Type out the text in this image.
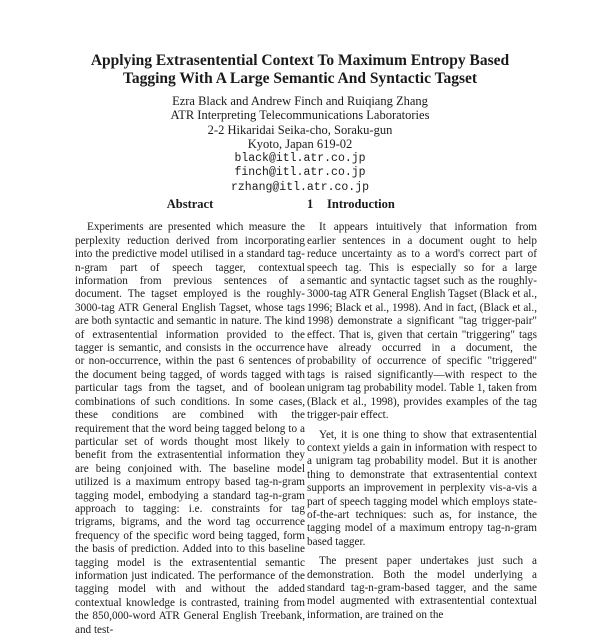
Applying Extrasentential Context To Maximum Entropy Based

Tagging With A Large Semantic And Syntactic Tagset

Ezra Black and Andrew Finch and Ruiqiang Zhang
ATR Interpreting Telecommunications Laboratories
2-2 Hikaridai Seika-cho, Soraku-gun
Kyoto, Japan 619-02
black@itl.atr.co.jp
finch@itl.atr.co.jp
rzhang@itl.atr.co.jp
Abstract

Experiments are presented which measure the perplexity reduction derived from incorporating into the predictive model utilised in a standard tag-n-gram part of speech tagger, contextual information from previous sentences of a document. The tagset employed is the roughly-3000-tag ATR General English Tagset, whose tags are both syntactic and semantic in nature. The kind of extrasentential information provided to the tagger is semantic, and consists in the occurrence or non-occurrence, within the past 6 sentences of the document being tagged, of words tagged with particular tags from the tagset, and of boolean combinations of such conditions. In some cases, these conditions are combined with the requirement that the word being tagged belong to a particular set of words thought most likely to benefit from the extrasentential information they are being conjoined with. The baseline model utilized is a maximum entropy based tag-n-gram tagging model, embodying a standard tag-n-gram approach to tagging: i.e. constraints for tag trigrams, bigrams, and the word tag occurrence frequency of the specific word being tagged, form the basis of prediction. Added into to this baseline tagging model is the extrasentential semantic information just indicated. The performance of the tagging model with and without the added contextual knowledge is contrasted, training from the 850,000-word ATR General English Treebank, and test-

1 Introduction

It appears intuitively that information from earlier sentences in a document ought to help reduce uncertainty as to a word's correct part of speech tag. This is especially so for a large semantic and syntactic tagset such as the roughly-3000-tag ATR General English Tagset (Black et al., 1996; Black et al., 1998). And in fact, (Black et al., 1998) demonstrate a significant "tag trigger-pair" effect. That is, given that certain "triggering" tags have already occurred in a document, the probability of occurrence of specific "triggered" tags is raised significantly—with respect to the unigram tag probability model. Table 1, taken from (Black et al., 1998), provides examples of the tag trigger-pair effect.

Yet, it is one thing to show that extrasentential context yields a gain in information with respect to a unigram tag probability model. But it is another thing to demonstrate that extrasentential context supports an improvement in perplexity vis-a-vis a part of speech tagging model which employs state-of-the-art techniques: such as, for instance, the tagging model of a maximum entropy tag-n-gram based tagger.

The present paper undertakes just such a demonstration. Both the model underlying a standard tag-n-gram-based tagger, and the same model augmented with extrasentential contextual information, are trained on the
